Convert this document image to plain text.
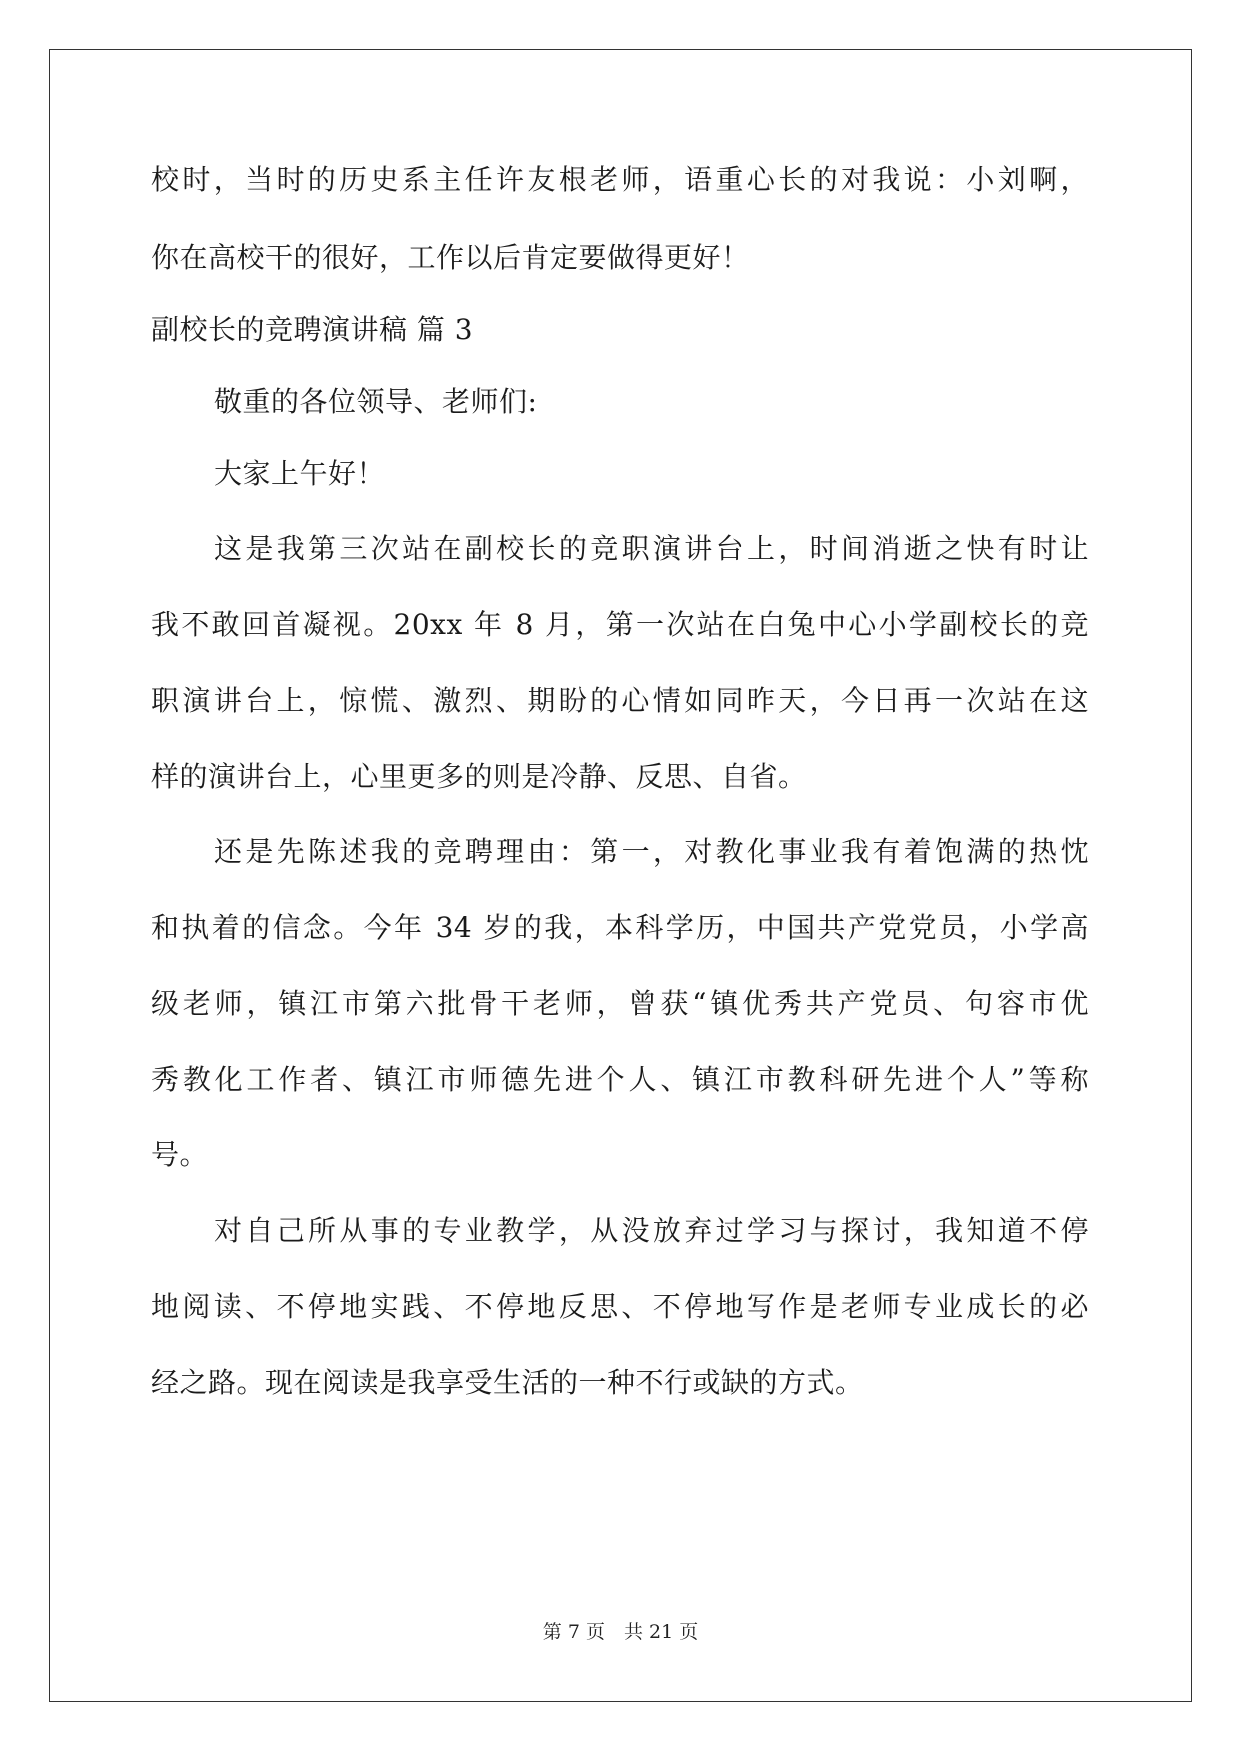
校时，当时的历史系主任许友根老师，语重心长的对我说：小刘啊，
你在高校干的很好，工作以后肯定要做得更好！
副校长的竞聘演讲稿 篇 3
敬重的各位领导、老师们:
大家上午好！
这是我第三次站在副校长的竞职演讲台上，时间消逝之快有时让
我不敢回首凝视。20xx 年 8 月，第一次站在白兔中心小学副校长的竞
职演讲台上，惊慌、激烈、期盼的心情如同昨天，今日再一次站在这
样的演讲台上，心里更多的则是冷静、反思、自省。
还是先陈述我的竞聘理由：第一，对教化事业我有着饱满的热忱
和执着的信念。今年 34 岁的我，本科学历，中国共产党党员，小学高
级老师，镇江市第六批骨干老师，曾获“镇优秀共产党员、句容市优
秀教化工作者、镇江市师德先进个人、镇江市教科研先进个人”等称
号。
对自己所从事的专业教学，从没放弃过学习与探讨，我知道不停
地阅读、不停地实践、不停地反思、不停地写作是老师专业成长的必
经之路。现在阅读是我享受生活的一种不行或缺的方式。
第 7 页　共 21 页
